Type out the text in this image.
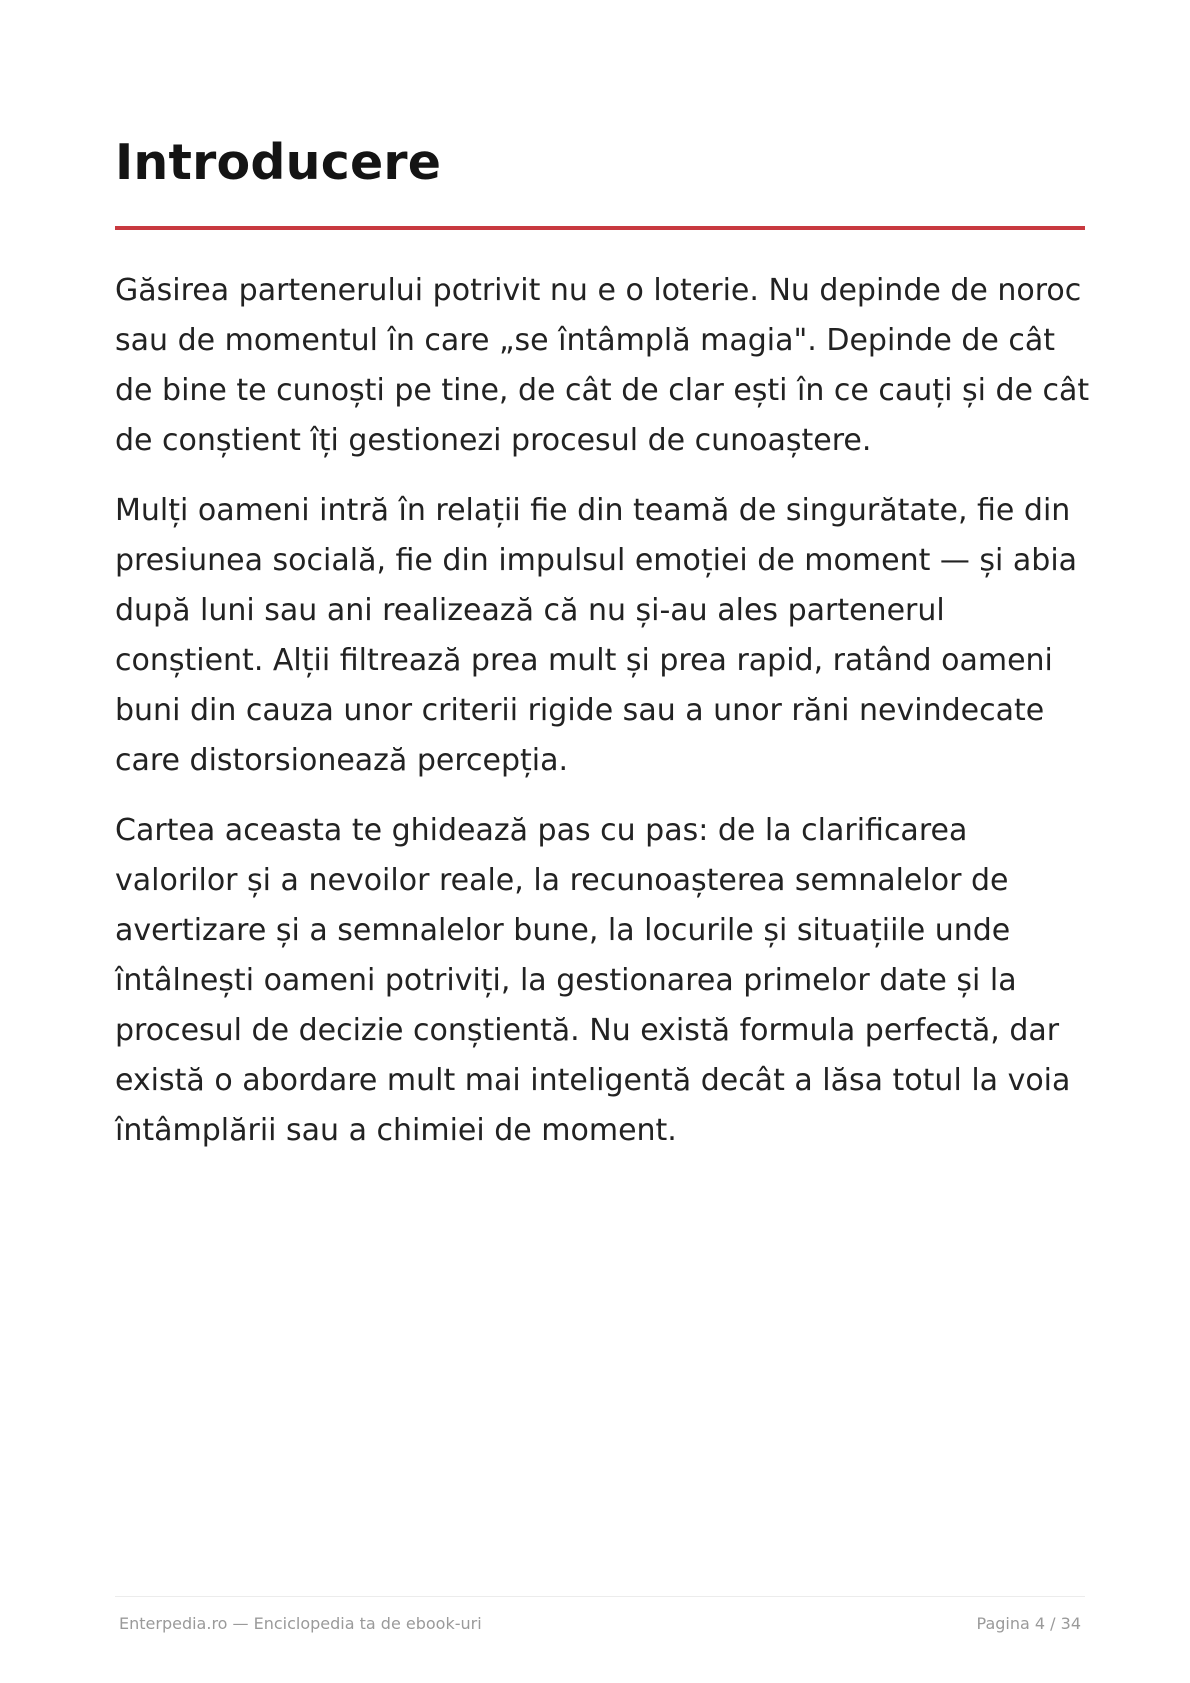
Introducere

Găsirea partenerului potrivit nu e o loterie. Nu depinde de noroc sau de momentul în care „se întâmplă magia". Depinde de cât de bine te cunoști pe tine, de cât de clar ești în ce cauți și de cât de conștient îți gestionezi procesul de cunoaștere.

Mulți oameni intră în relații fie din teamă de singurătate, fie din presiunea socială, fie din impulsul emoției de moment — și abia după luni sau ani realizează că nu și-au ales partenerul conștient. Alții filtrează prea mult și prea rapid, ratând oameni buni din cauza unor criterii rigide sau a unor răni nevindecate care distorsionează percepția.

Cartea aceasta te ghidează pas cu pas: de la clarificarea valorilor și a nevoilor reale, la recunoașterea semnalelor de avertizare și a semnalelor bune, la locurile și situațiile unde întâlnești oameni potriviți, la gestionarea primelor date și la procesul de decizie conștientă. Nu există formula perfectă, dar există o abordare mult mai inteligentă decât a lăsa totul la voia întâmplării sau a chimiei de moment.

Enterpedia.ro — Enciclopedia ta de ebook-uri	Pagina 4 / 34
